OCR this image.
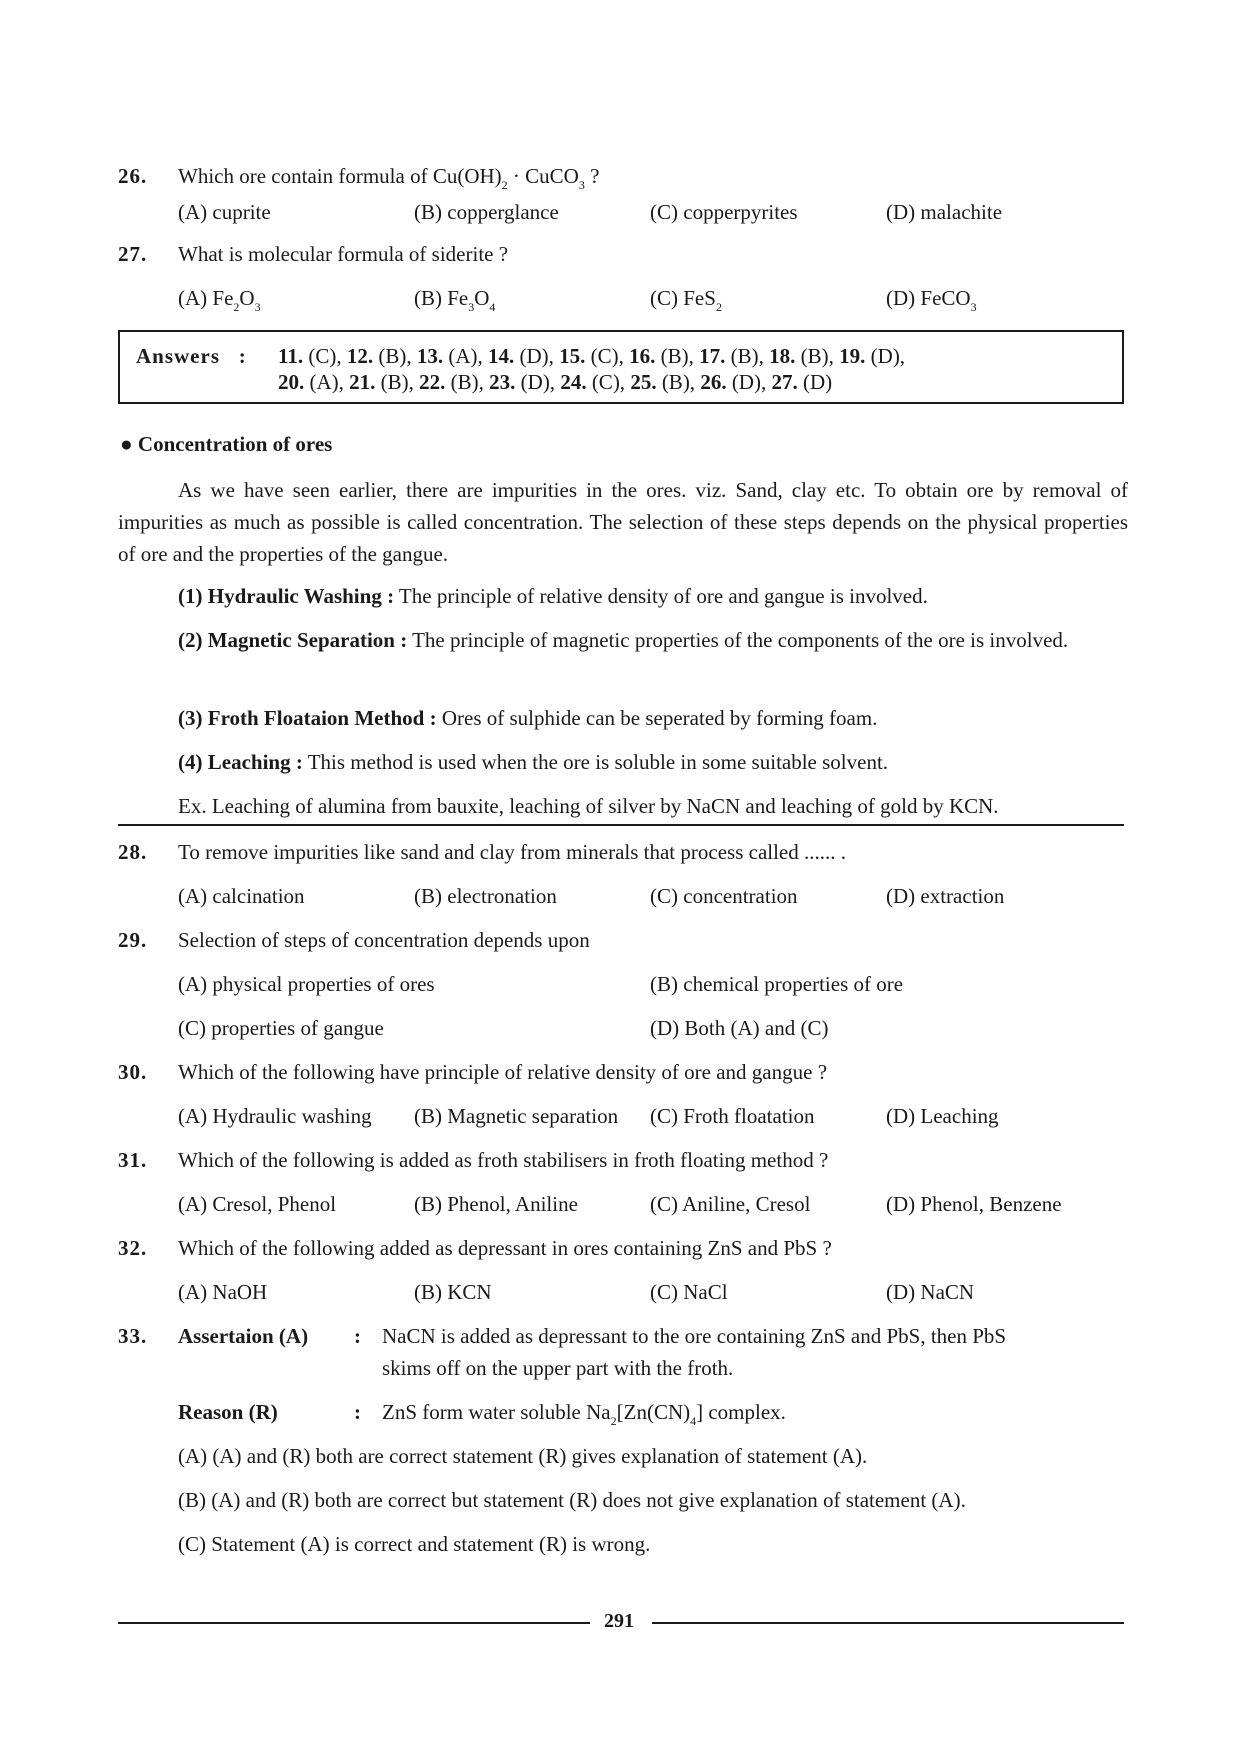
26. Which ore contain formula of $Cu(OH)_2$ · CuCO$_3$ ?
(A) cuprite	(B) copperglance	(C) copperpyrites	(D) malachite
27. What is molecular formula of siderite ?
(A) $Fe_2O_3$	(B) $Fe_3O_4$	(C) FeS$_2$	(D) FeCO$_3$
Answers   : 11. (C), 12. (B), 13. (A), 14. (D), 15. (C), 16. (B), 17. (B), 18. (B), 19. (D),
20. (A), 21. (B), 22. (B), 23. (D), 24. (C), 25. (B), 26. (D), 27. (D)
● Concentration of ores
As we have seen earlier, there are impurities in the ores. viz. Sand, clay etc. To obtain ore by removal of impurities as much as possible is called concentration. The selection of these steps depends on the physical properties of ore and the properties of the gangue.
(1) Hydraulic Washing : The principle of relative density of ore and gangue is involved.
(2) Magnetic Separation : The principle of magnetic properties of the components of the ore is involved.
(3) Froth Floataion Method : Ores of sulphide can be seperated by forming foam.
(4) Leaching : This method is used when the ore is soluble in some suitable solvent.
Ex. Leaching of alumina from bauxite, leaching of silver by NaCN and leaching of gold by KCN.
28. To remove impurities like sand and clay from minerals that process called ...... .
(A) calcination	(B) electronation	(C) concentration	(D) extraction
29. Selection of steps of concentration depends upon
(A) physical properties of ores	(B) chemical properties of ore
(C) properties of gangue	(D) Both (A) and (C)
30. Which of the following have principle of relative density of ore and gangue ?
(A) Hydraulic washing (B) Magnetic separation (C) Froth floatation	(D) Leaching
31. Which of the following is added as froth stabilisers in froth floating method ?
(A) Cresol, Phenol	(B) Phenol, Aniline	(C) Aniline, Cresol	(D) Phenol, Benzene
32. Which of the following added as depressant in ores containing ZnS and PbS ?
(A) NaOH	(B) KCN	(C) NaCl	(D) NaCN
33. Assertaion (A) : NaCN is added as depressant to the ore containing ZnS and PbS, then PbS
skims off on the upper part with the froth.
Reason (R)	: ZnS form water soluble $Na_2[Zn(CN)_4]$ complex.
(A) (A) and (R) both are correct statement (R) gives explanation of statement (A).
(B) (A) and (R) both are correct but statement (R) does not give explanation of statement (A).
(C) Statement (A) is correct and statement (R) is wrong.
291
